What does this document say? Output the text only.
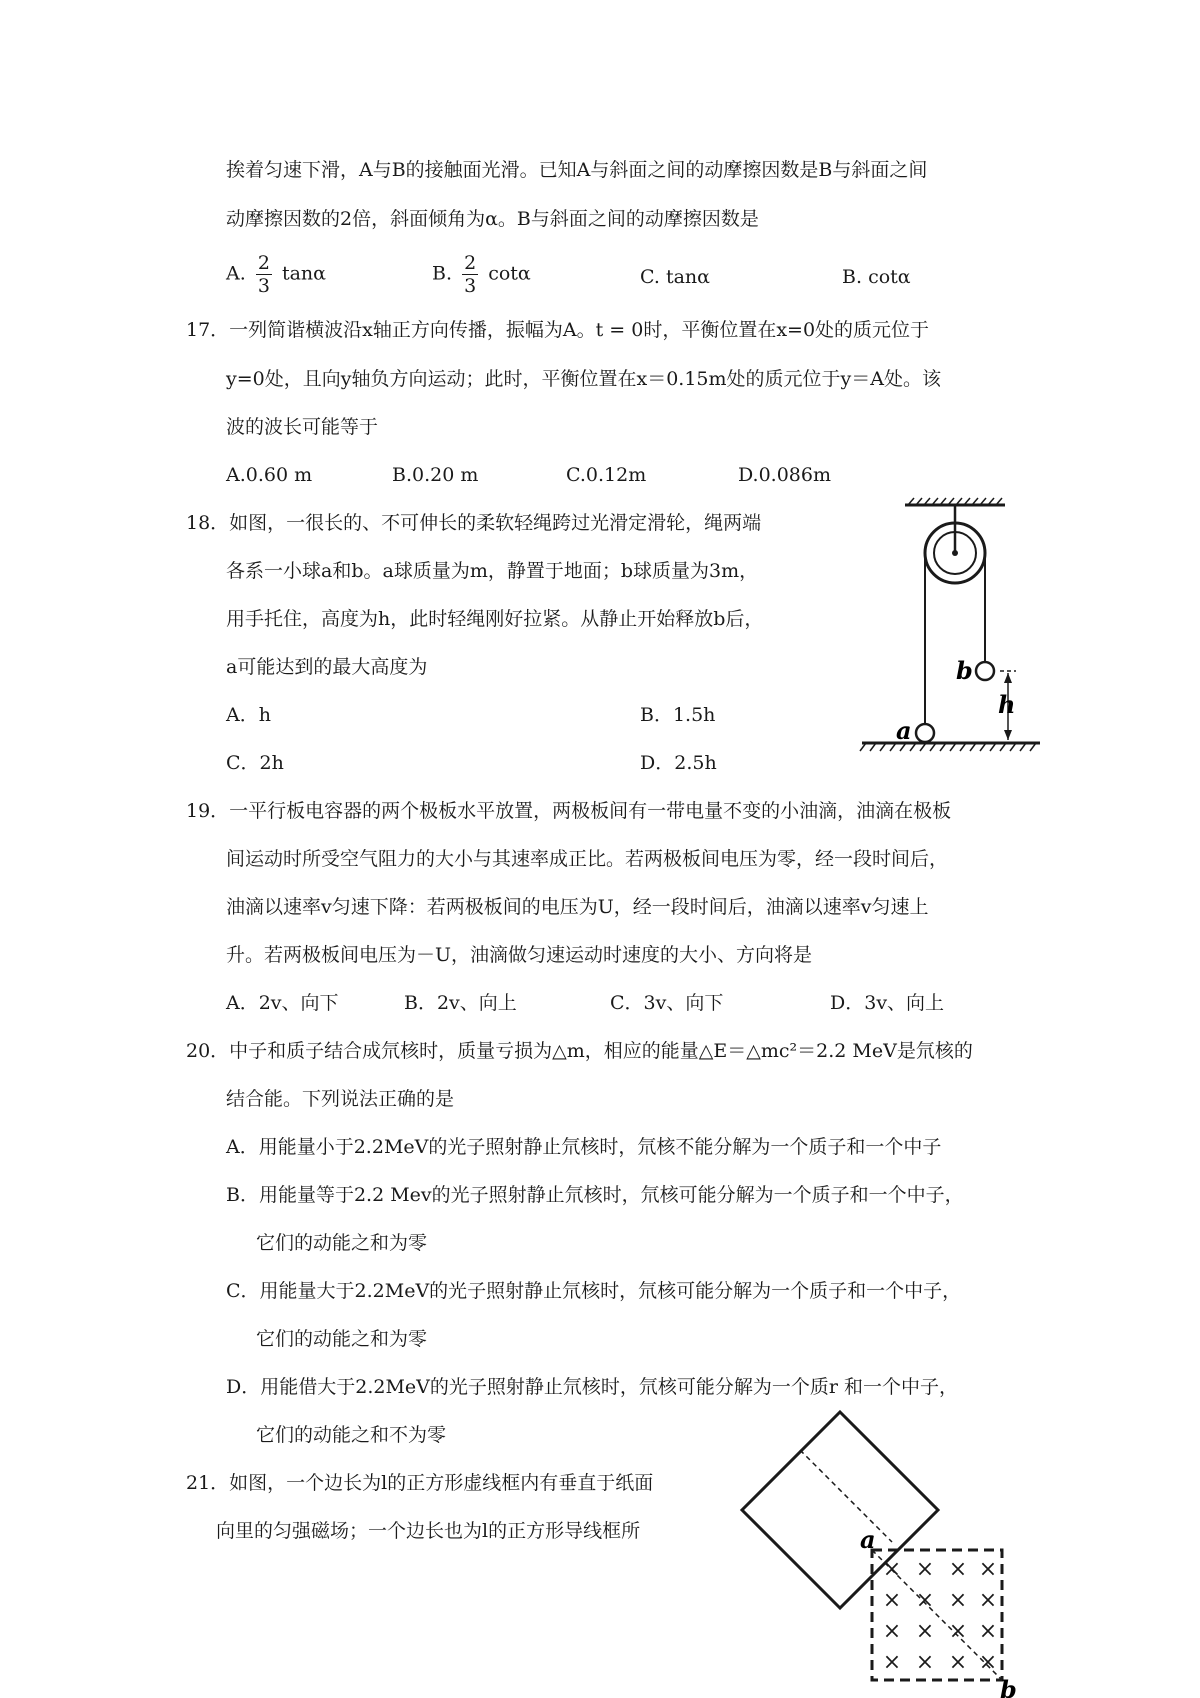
挨着匀速下滑，A与B的接触面光滑。已知A与斜面之间的动摩擦因数是B与斜面之间
动摩擦因数的2倍，斜面倾角为α。B与斜面之间的动摩擦因数是
A. $\frac{2}{3}$ tanα	B. $\frac{2}{3}$ cotα	C. tanα	B. cotα
17．一列简谐横波沿x轴正方向传播，振幅为A。t = 0时，平衡位置在x=0处的质元位于
y=0处，且向y轴负方向运动；此时，平衡位置在x＝0.15m处的质元位于y＝A处。该
波的波长可能等于
A.0.60 m	B.0.20 m	C.0.12m	D.0.086m
18．如图，一很长的、不可伸长的柔软轻绳跨过光滑定滑轮，绳两端
各系一小球a和b。a球质量为m，静置于地面；b球质量为3m，
用手托住，高度为h，此时轻绳刚好拉紧。从静止开始释放b后，
a可能达到的最大高度为
A．h	B．1.5h
C．2h	D．2.5h
b
a
h
19．一平行板电容器的两个极板水平放置，两极板间有一带电量不变的小油滴，油滴在极板
间运动时所受空气阻力的大小与其速率成正比。若两极板间电压为零，经一段时间后，
油滴以速率v匀速下降：若两极板间的电压为U，经一段时间后，油滴以速率v匀速上
升。若两极板间电压为－U，油滴做匀速运动时速度的大小、方向将是
A．2v、向下	B．2v、向上	C．3v、向下	D．3v、向上
20．中子和质子结合成氘核时，质量亏损为△m，相应的能量△E＝△mc²＝2.2 MeV是氘核的
结合能。下列说法正确的是
A．用能量小于2.2MeV的光子照射静止氘核时，氘核不能分解为一个质子和一个中子
B．用能量等于2.2 Mev的光子照射静止氘核时，氘核可能分解为一个质子和一个中子，
它们的动能之和为零
C．用能量大于2.2MeV的光子照射静止氘核时，氘核可能分解为一个质子和一个中子，
它们的动能之和为零
D．用能借大于2.2MeV的光子照射静止氘核时，氘核可能分解为一个质r 和一个中子，
它们的动能之和不为零
21．如图，一个边长为l的正方形虚线框内有垂直于纸面
向里的匀强磁场；一个边长也为l的正方形导线框所
× × × ×
× × × ×
× × × ×
× × × ×
a
b
